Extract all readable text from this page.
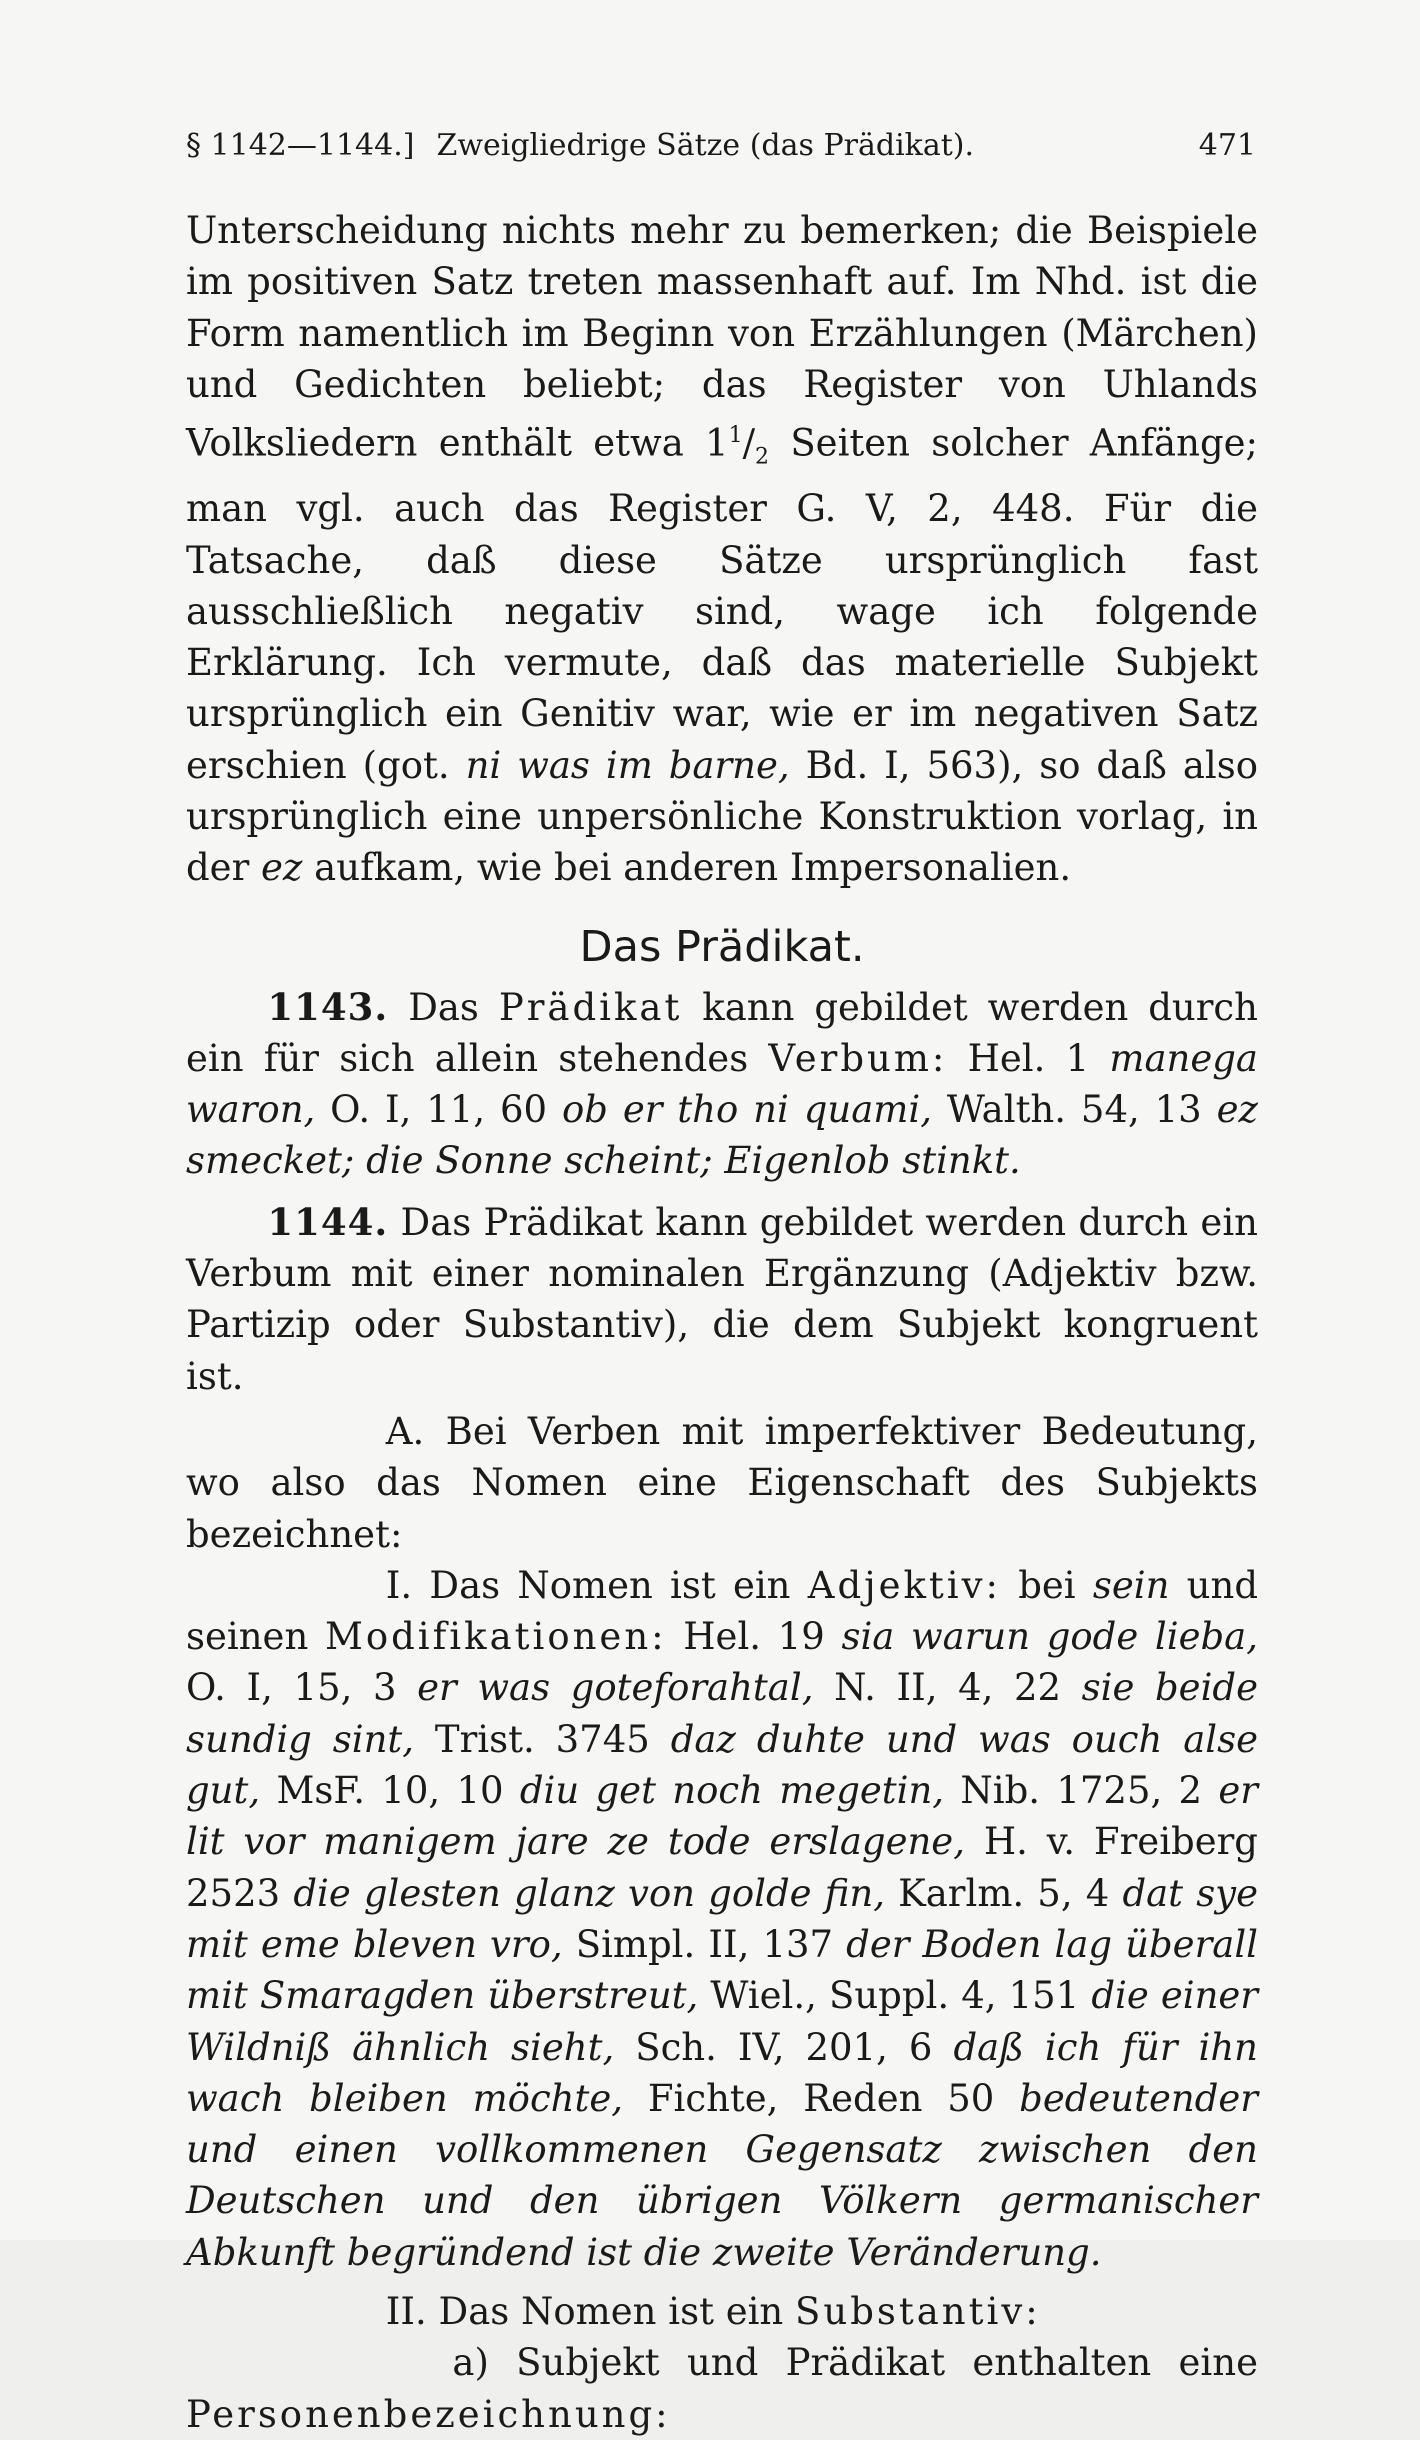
§ 1142—1144.] Zweigliedrige Sätze (das Prädikat).	471

Unterscheidung nichts mehr zu bemerken; die Beispiele im positiven Satz treten massenhaft auf. Im Nhd. ist die Form namentlich im Beginn von Erzählungen (Märchen) und Gedichten beliebt; das Register von Uhlands Volksliedern enthält etwa $1^1/_2$ Seiten solcher Anfänge; man vgl. auch das Register G. V, 2, 448. Für die Tatsache, daß diese Sätze ursprünglich fast ausschließlich negativ sind, wage ich folgende Erklärung. Ich vermute, daß das materielle Subjekt ursprünglich ein Genitiv war, wie er im negativen Satz erschien (got. ni was im barne, Bd. I, 563), so daß also ursprünglich eine unpersönliche Konstruktion vorlag, in der ez aufkam, wie bei anderen Impersonalien.

Das Prädikat.

1143. Das Prädikat kann gebildet werden durch ein für sich allein stehendes Verbum: Hel. 1 manega waron, O. I, 11, 60 ob er tho ni quami, Walth. 54, 13 ez smecket; die Sonne scheint; Eigenlob stinkt.

1144. Das Prädikat kann gebildet werden durch ein Verbum mit einer nominalen Ergänzung (Adjektiv bzw. Partizip oder Substantiv), die dem Subjekt kongruent ist.

A. Bei Verben mit imperfektiver Bedeutung, wo also das Nomen eine Eigenschaft des Subjekts bezeichnet:

I. Das Nomen ist ein Adjektiv: bei sein und seinen Modifikationen: Hel. 19 sia warun gode lieba, O. I, 15, 3 er was goteforahtal, N. II, 4, 22 sie beide sundig sint, Trist. 3745 daz duhte und was ouch alse gut, MsF. 10, 10 diu get noch megetin, Nib. 1725, 2 er lit vor manigem jare ze tode erslagene, H. v. Freiberg 2523 die glesten glanz von golde fin, Karlm. 5, 4 dat sye mit eme bleven vro, Simpl. II, 137 der Boden lag überall mit Smaragden überstreut, Wiel., Suppl. 4, 151 die einer Wildniß ähnlich sieht, Sch. IV, 201, 6 daß ich für ihn wach bleiben möchte, Fichte, Reden 50 bedeutender und einen vollkommenen Gegensatz zwischen den Deutschen und den übrigen Völkern germanischer Abkunft begründend ist die zweite Veränderung.

II. Das Nomen ist ein Substantiv:

a) Subjekt und Prädikat enthalten eine Personenbezeichnung:
